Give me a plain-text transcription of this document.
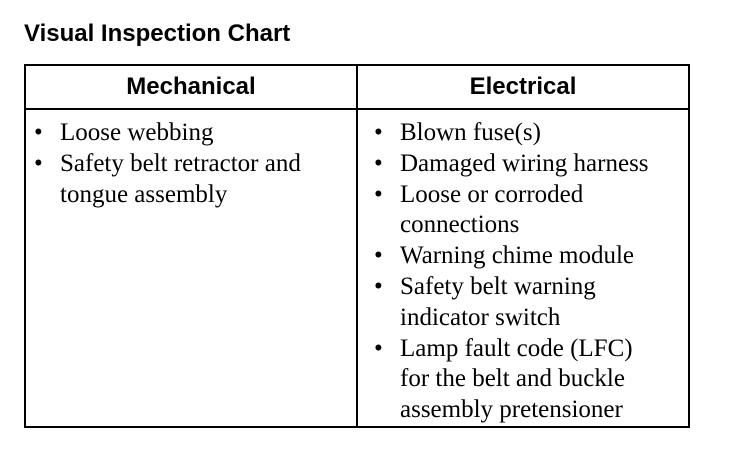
Visual Inspection Chart
Mechanical	Electrical
• Loose webbing
• Safety belt retractor and
tongue assembly
• Blown fuse(s)
• Damaged wiring harness
• Loose or corroded
connections
• Warning chime module
• Safety belt warning
indicator switch
• Lamp fault code (LFC)
for the belt and buckle
assembly pretensioner
